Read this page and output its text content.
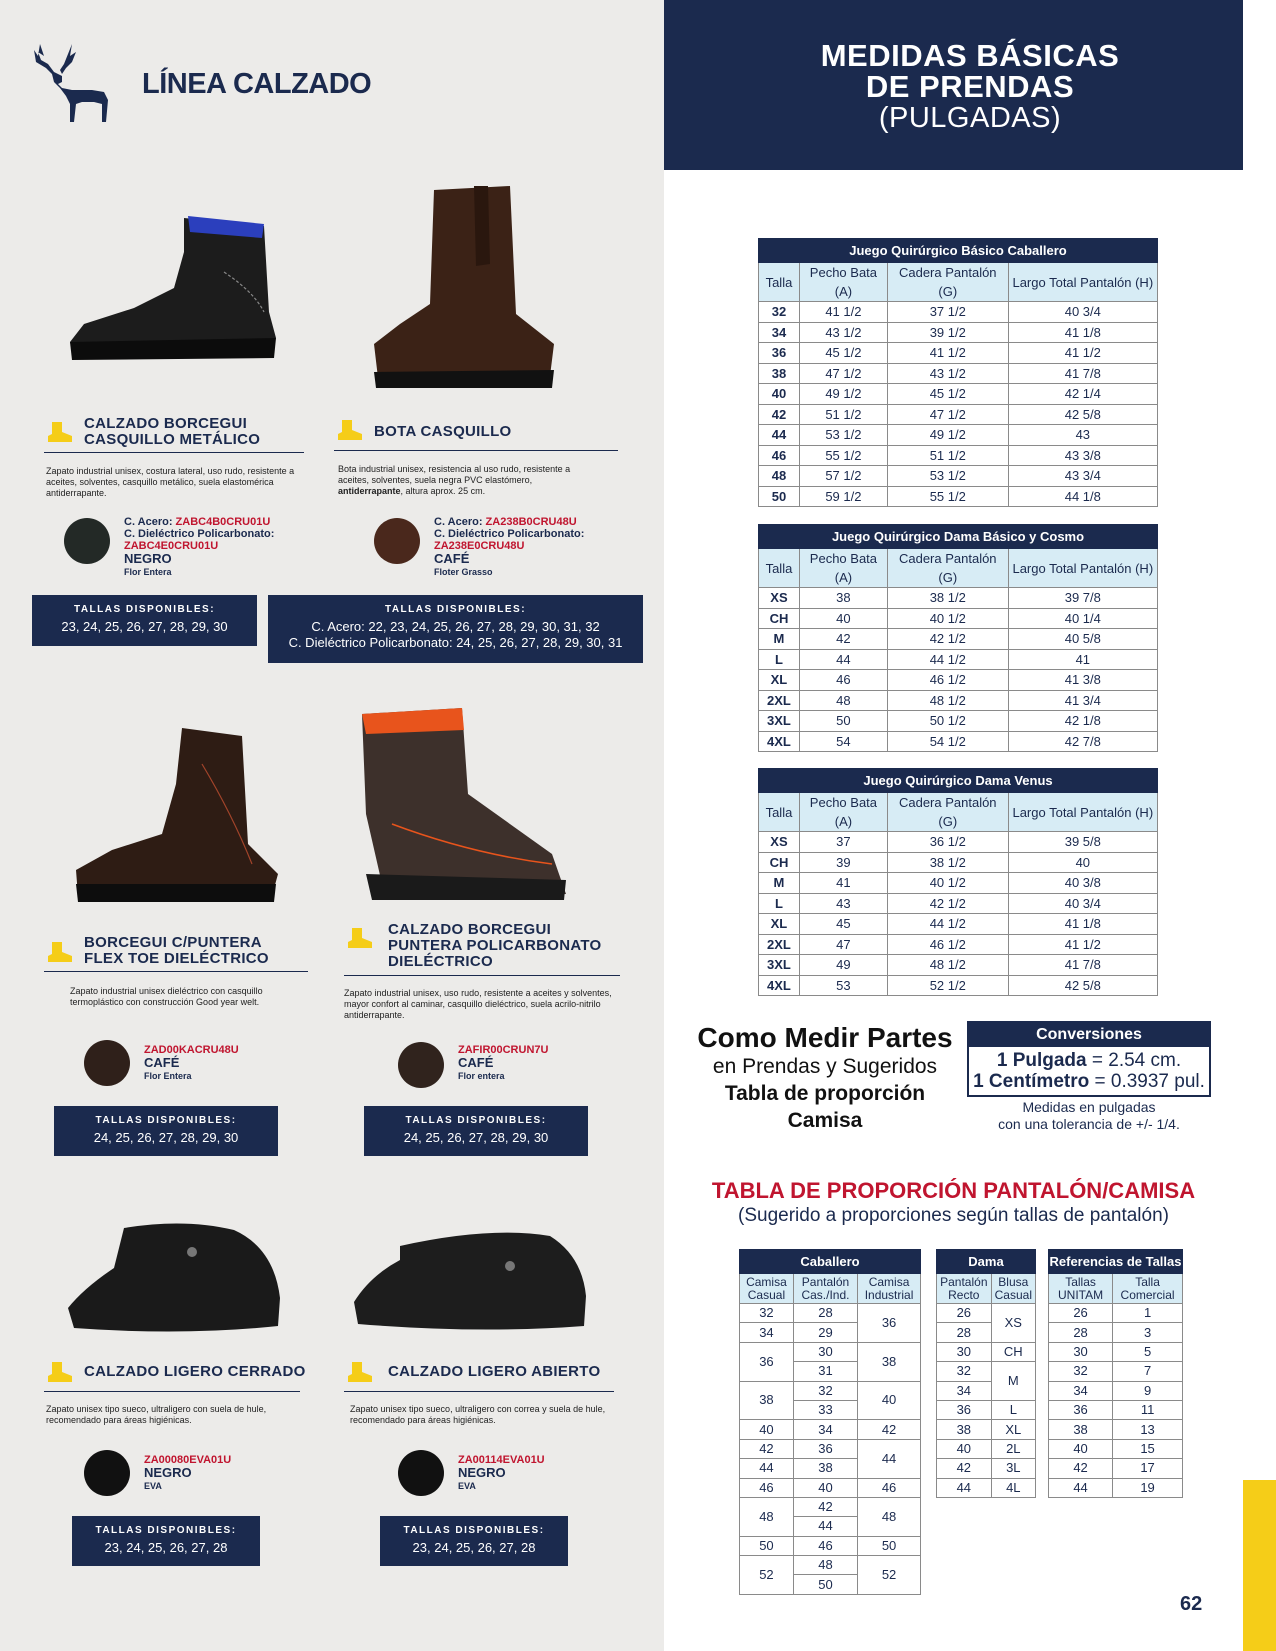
LÍNEA CALZADO
MEDIDAS BÁSICAS
DE PRENDAS
(PULGADAS)
CALZADO BORCEGUI
CASQUILLO METÁLICO
Zapato industrial unisex, costura lateral, uso rudo, resistente a aceites, solventes, casquillo metálico, suela elastomérica antiderrapante.
C. Acero: ZABC4B0CRU01U
C. Dieléctrico Policarbonato:
ZABC4E0CRU01U
NEGRO
Flor Entera
TALLAS DISPONIBLES:
23, 24, 25, 26, 27, 28, 29, 30
BOTA CASQUILLO
Bota industrial unisex, resistencia al uso rudo, resistente a aceites, solventes, suela negra PVC elastómero, antiderrapante, altura aprox. 25 cm.
C. Acero: ZA238B0CRU48U
C. Dieléctrico Policarbonato:
ZA238E0CRU48U
CAFÉ
Floter Grasso
TALLAS DISPONIBLES:
C. Acero: 22, 23, 24, 25, 26, 27, 28, 29, 30, 31, 32
C. Dieléctrico Policarbonato: 24, 25, 26, 27, 28, 29, 30, 31
BORCEGUI C/PUNTERA
FLEX TOE DIELÉCTRICO
Zapato industrial unisex dieléctrico con casquillo termoplástico con construcción Good year welt.
ZAD00KACRU48U
CAFÉ
Flor Entera
TALLAS DISPONIBLES:
24, 25, 26, 27, 28, 29, 30
CALZADO BORCEGUI
PUNTERA POLICARBONATO
DIELÉCTRICO
Zapato industrial unisex, uso rudo, resistente a aceites y solventes, mayor confort al caminar, casquillo dieléctrico, suela acrilo-nitrilo antiderrapante.
ZAFIR00CRUN7U
CAFÉ
Flor entera
TALLAS DISPONIBLES:
24, 25, 26, 27, 28, 29, 30
CALZADO LIGERO CERRADO
Zapato unisex tipo sueco, ultraligero con suela de hule, recomendado para áreas higiénicas.
ZA00080EVA01U
NEGRO
EVA
TALLAS DISPONIBLES:
23, 24, 25, 26, 27, 28
CALZADO LIGERO ABIERTO
Zapato unisex tipo sueco, ultraligero con correa y suela de hule, recomendado para áreas higiénicas.
ZA00114EVA01U
NEGRO
EVA
TALLAS DISPONIBLES:
23, 24, 25, 26, 27, 28
Juego Quirúrgico Básico Caballero			
Talla	Pecho Bata (A)	Cadera Pantalón (G)	Largo Total Pantalón (H)
32	41 1/2	37 1/2	40 3/4
34	43 1/2	39 1/2	41 1/8
36	45 1/2	41 1/2	41 1/2
38	47 1/2	43 1/2	41 7/8
40	49 1/2	45 1/2	42 1/4
42	51 1/2	47 1/2	42 5/8
44	53 1/2	49 1/2	43
46	55 1/2	51 1/2	43 3/8
48	57 1/2	53 1/2	43 3/4
50	59 1/2	55 1/2	44 1/8
Juego Quirúrgico Dama Básico y Cosmo			
Talla	Pecho Bata (A)	Cadera Pantalón (G)	Largo Total Pantalón (H)
XS	38	38 1/2	39 7/8
CH	40	40 1/2	40 1/4
M	42	42 1/2	40 5/8
L	44	44 1/2	41
XL	46	46 1/2	41 3/8
2XL	48	48 1/2	41 3/4
3XL	50	50 1/2	42 1/8
4XL	54	54 1/2	42 7/8
Juego Quirúrgico Dama Venus			
Talla	Pecho Bata (A)	Cadera Pantalón (G)	Largo Total Pantalón (H)
XS	37	36 1/2	39 5/8
CH	39	38 1/2	40
M	41	40 1/2	40 3/8
L	43	42 1/2	40 3/4
XL	45	44 1/2	41 1/8
2XL	47	46 1/2	41 1/2
3XL	49	48 1/2	41 7/8
4XL	53	52 1/2	42 5/8
Como Medir Partes
en Prendas y Sugeridos
Tabla de proporción
Camisa
Conversiones
1 Pulgada = 2.54 cm.
1 Centímetro = 0.3937 pul.
Medidas en pulgadas
con una tolerancia de +/- 1/4.
TABLA DE PROPORCIÓN PANTALÓN/CAMISA
(Sugerido a proporciones según tallas de pantalón)
Caballero		
Camisa Casual	Pantalón Cas./Ind.	Camisa Industrial
32	28	36
34	29	
36	30	38
	31	
38	32	40
	33	
40	34	42
42	36	44
44	38	
46	40	46
48	42	48
	44	
50	46	50
52	48	52
	50	
Dama	
Pantalón Recto	Blusa Casual
26	XS
28	
30	CH
32	M
34	
36	L
38	XL
40	2L
42	3L
44	4L
Referencias de Tallas	
Tallas UNITAM	Talla Comercial
26	1
28	3
30	5
32	7
34	9
36	11
38	13
40	15
42	17
44	19
62
